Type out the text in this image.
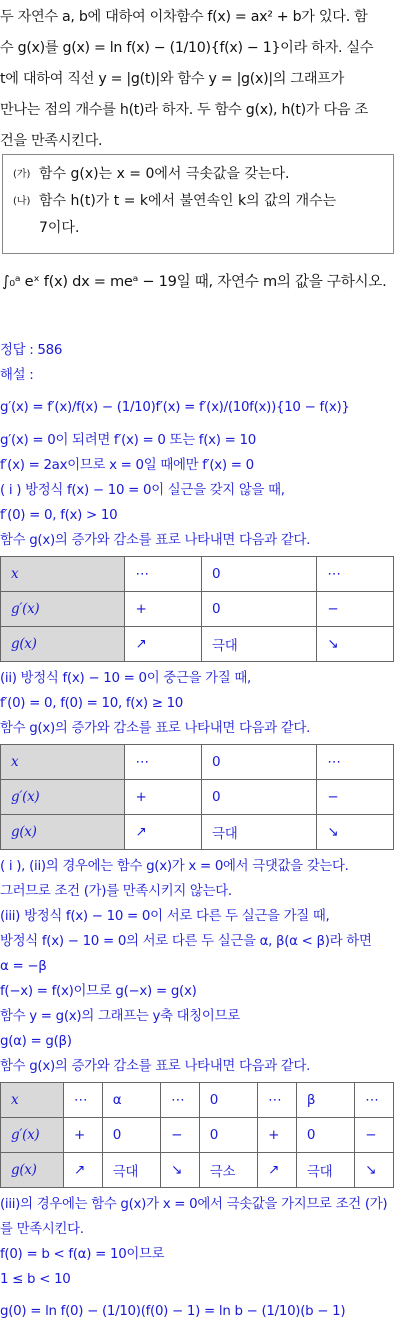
두 자연수 a, b에 대하여 이차함수 f(x) = ax² + b가 있다. 함

수 g(x)를 g(x) = ln f(x) − (1/10){f(x) − 1}이라 하자. 실수

t에 대하여 직선 y = |g(t)|와 함수 y = |g(x)|의 그래프가

만나는 점의 개수를 h(t)라 하자. 두 함수 g(x), h(t)가 다음 조

건을 만족시킨다.

(가) 함수 g(x)는 x = 0에서 극솟값을 갖는다.
(나) 함수 h(t)가 t = k에서 불연속인 k의 값의 개수는
7이다.
∫₀ᵃ eˣ f(x) dx = meᵃ − 19일 때, 자연수 m의 값을 구하시오.
정답 : 586
해설 :
g′(x) = f′(x)/f(x) − (1/10)f′(x) = f′(x)/(10f(x)){10 − f(x)}
g′(x) = 0이 되려면 f′(x) = 0 또는 f(x) = 10
f′(x) = 2ax이므로 x = 0일 때에만 f′(x) = 0
( i ) 방정식 f(x) − 10 = 0이 실근을 갖지 않을 때,
f′(0) = 0, f(x) > 10
함수 g(x)의 증가와 감소를 표로 나타내면 다음과 같다.
x	⋯	0	⋯
g′(x)	+	0	−
g(x)	↗	극대	↘
(ii) 방정식 f(x) − 10 = 0이 중근을 가질 때,
f′(0) = 0, f(0) = 10, f(x) ≥ 10
함수 g(x)의 증가와 감소를 표로 나타내면 다음과 같다.
x	⋯	0	⋯
g′(x)	+	0	−
g(x)	↗	극대	↘
( i ), (ii)의 경우에는 함수 g(x)가 x = 0에서 극댓값을 갖는다.
그러므로 조건 (가)를 만족시키지 않는다.
(iii) 방정식 f(x) − 10 = 0이 서로 다른 두 실근을 가질 때,
방정식 f(x) − 10 = 0의 서로 다른 두 실근을 α, β(α < β)라 하면
α = −β
f(−x) = f(x)이므로 g(−x) = g(x)
함수 y = g(x)의 그래프는 y축 대칭이므로
g(α) = g(β)
함수 g(x)의 증가와 감소를 표로 나타내면 다음과 같다.
x	⋯	α	⋯	0	⋯	β	⋯
g′(x)	+	0	−	0	+	0	−
g(x)	↗	극대	↘	극소	↗	극대	↘
(iii)의 경우에는 함수 g(x)가 x = 0에서 극솟값을 가지므로 조건 (가)
를 만족시킨다.
f(0) = b < f(α) = 10이므로
1 ≤ b < 10
g(0) = ln f(0) − (1/10)(f(0) − 1) = ln b − (1/10)(b − 1)
